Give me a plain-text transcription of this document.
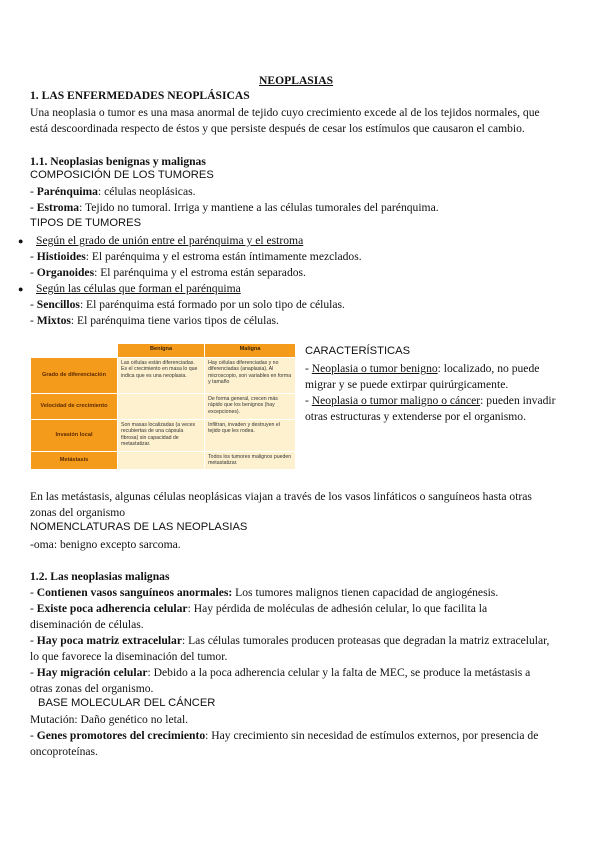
NEOPLASIAS
1. LAS ENFERMEDADES NEOPLÁSICAS
Una neoplasia o tumor es una masa anormal de tejido cuyo crecimiento excede al de los tejidos normales, que
está descoordinada respecto de éstos y que persiste después de cesar los estímulos que causaron el cambio.
1.1. Neoplasias benignas y malignas
COMPOSICIÓN DE LOS TUMORES
- Parénquima: células neoplásicas.
- Estroma: Tejido no tumoral. Irriga y mantiene a las células tumorales del parénquima.
TIPOS DE TUMORES
● Según el grado de unión entre el parénquima y el estroma
- Histioides: El parénquima y el estroma están íntimamente mezclados.
- Organoides: El parénquima y el estroma están separados.
● Según las células que forman el parénquima
- Sencillos: El parénquima está formado por un solo tipo de células.
- Mixtos: El parénquima tiene varios tipos de células.
	Benigna	Maligna
Grado de diferenciación	Las células están diferenciadas. Es el crecimiento en masa lo que indica que es una neoplasia.	Hay células diferenciadas y no diferenciadas (anaplasia). Al microscopio, son variables en forma y tamaño
Velocidad de crecimiento		De forma general, crecen más rápido que los benignos (hay excepciones).
Invasión local	Son masas localizadas (a veces recubiertas de una cápsula fibrosa) sin capacidad de metastatizar.	Infiltran, invaden y destruyen el tejido que les rodea.
Metástasis		Todos los tumores malignos pueden metastatizar.
CARACTERÍSTICAS
- Neoplasia o tumor benigno: localizado, no puede
migrar y se puede extirpar quirúrgicamente.
- Neoplasia o tumor maligno o cáncer: pueden invadir
otras estructuras y extenderse por el organismo.
En las metástasis, algunas células neoplásicas viajan a través de los vasos linfáticos o sanguíneos hasta otras
zonas del organismo
NOMENCLATURAS DE LAS NEOPLASIAS
-oma: benigno excepto sarcoma.
1.2. Las neoplasias malignas
- Contienen vasos sanguíneos anormales: Los tumores malignos tienen capacidad de angiogénesis.
- Existe poca adherencia celular: Hay pérdida de moléculas de adhesión celular, lo que facilita la
diseminación de células.
- Hay poca matriz extracelular: Las células tumorales producen proteasas que degradan la matriz extracelular,
lo que favorece la diseminación del tumor.
- Hay migración celular: Debido a la poca adherencia celular y la falta de MEC, se produce la metástasis a
otras zonas del organismo.
BASE MOLECULAR DEL CÁNCER
Mutación: Daño genético no letal.
- Genes promotores del crecimiento: Hay crecimiento sin necesidad de estímulos externos, por presencia de
oncoproteínas.
